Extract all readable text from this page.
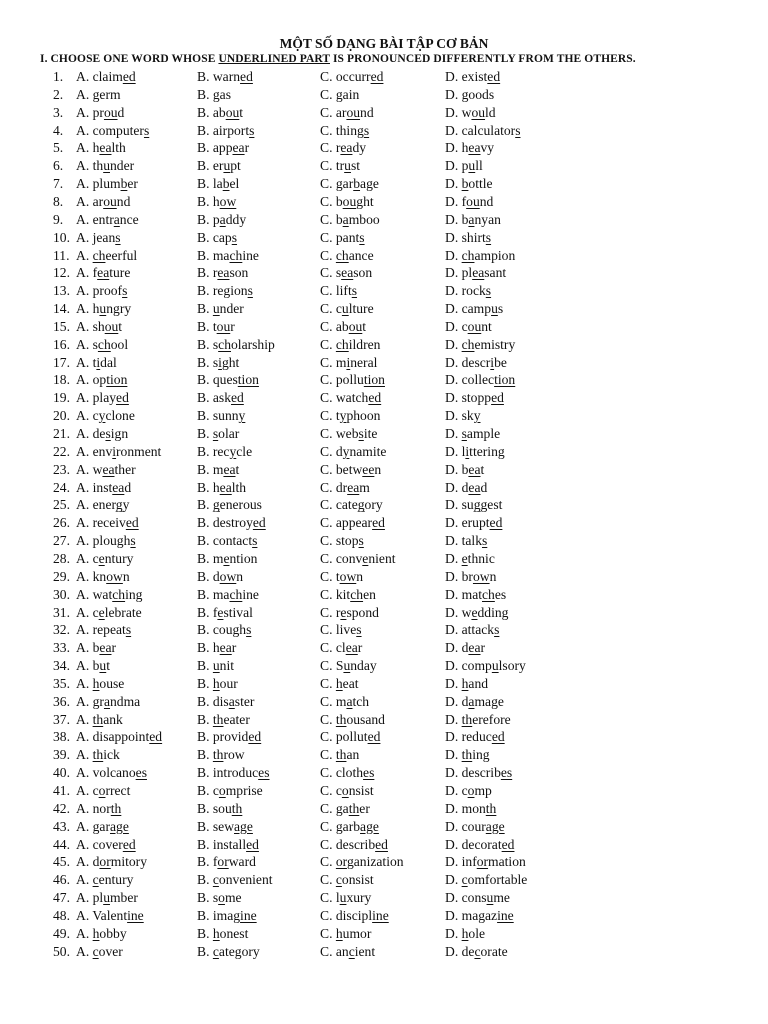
MỘT SỐ DẠNG BÀI TẬP CƠ BẢN
I. CHOOSE ONE WORD WHOSE UNDERLINED PART IS PRONOUNCED DIFFERENTLY FROM THE OTHERS.
1. A. claimed	B. warned	C. occurred	D. existed
2. A. germ	B. gas	C. gain	D. goods
3. A. proud	B. about	C. around	D. would
4. A. computers	B. airports	C. things	D. calculators
5. A. health	B. appear	C. ready	D. heavy
6. A. thunder	B. erupt	C. trust	D. pull
7. A. plumber	B. label	C. garbage	D. bottle
8. A. around	B. how	C. bought	D. found
9. A. entrance	B. paddy	C. bamboo	D. banyan
10. A. jeans	B. caps	C. pants	D. shirts
11. A. cheerful	B. machine	C. chance	D. champion
12. A. feature	B. reason	C. season	D. pleasant
13. A. proofs	B. regions	C. lifts	D. rocks
14. A. hungry	B. under	C. culture	D. campus
15. A. shout	B. tour	C. about	D. count
16. A. school	B. scholarship	C. children	D. chemistry
17. A. tidal	B. sight	C. mineral	D. describe
18. A. option	B. question	C. pollution	D. collection
19. A. played	B. asked	C. watched	D. stopped
20. A. cyclone	B. sunny	C. typhoon	D. sky
21. A. design	B. solar	C. website	D. sample
22. A. environment	B. recycle	C. dynamite	D. littering
23. A. weather	B. meat	C. between	D. beat
24. A. instead	B. health	C. dream	D. dead
25. A. energy	B. generous	C. category	D. suggest
26. A. received	B. destroyed	C. appeared	D. erupted
27. A. ploughs	B. contacts	C. stops	D. talks
28. A. century	B. mention	C. convenient	D. ethnic
29. A. known	B. down	C. town	D. brown
30. A. watching	B. machine	C. kitchen	D. matches
31. A. celebrate	B. festival	C. respond	D. wedding
32. A. repeats	B. coughs	C. lives	D. attacks
33. A. bear	B. hear	C. clear	D. dear
34. A. but	B. unit	C. Sunday	D. compulsory
35. A. house	B. hour	C. heat	D. hand
36. A. grandma	B. disaster	C. match	D. damage
37. A. thank	B. theater	C. thousand	D. therefore
38. A. disappointed	B. provided	C. polluted	D. reduced
39. A. thick	B. throw	C. than	D. thing
40. A. volcanoes	B. introduces	C. clothes	D. describes
41. A. correct	B. comprise	C. consist	D. comp
42. A. north	B. south	C. gather	D. month
43. A. garage	B. sewage	C. garbage	D. courage
44. A. covered	B. installed	C. described	D. decorated
45. A. dormitory	B. forward	C. organization	D. information
46. A. century	B. convenient	C. consist	D. comfortable
47. A. plumber	B. some	C. luxury	D. consume
48. A. Valentine	B. imagine	C. discipline	D. magazine
49. A. hobby	B. honest	C. humor	D. hole
50. A. cover	B. category	C. ancient	D. decorate
